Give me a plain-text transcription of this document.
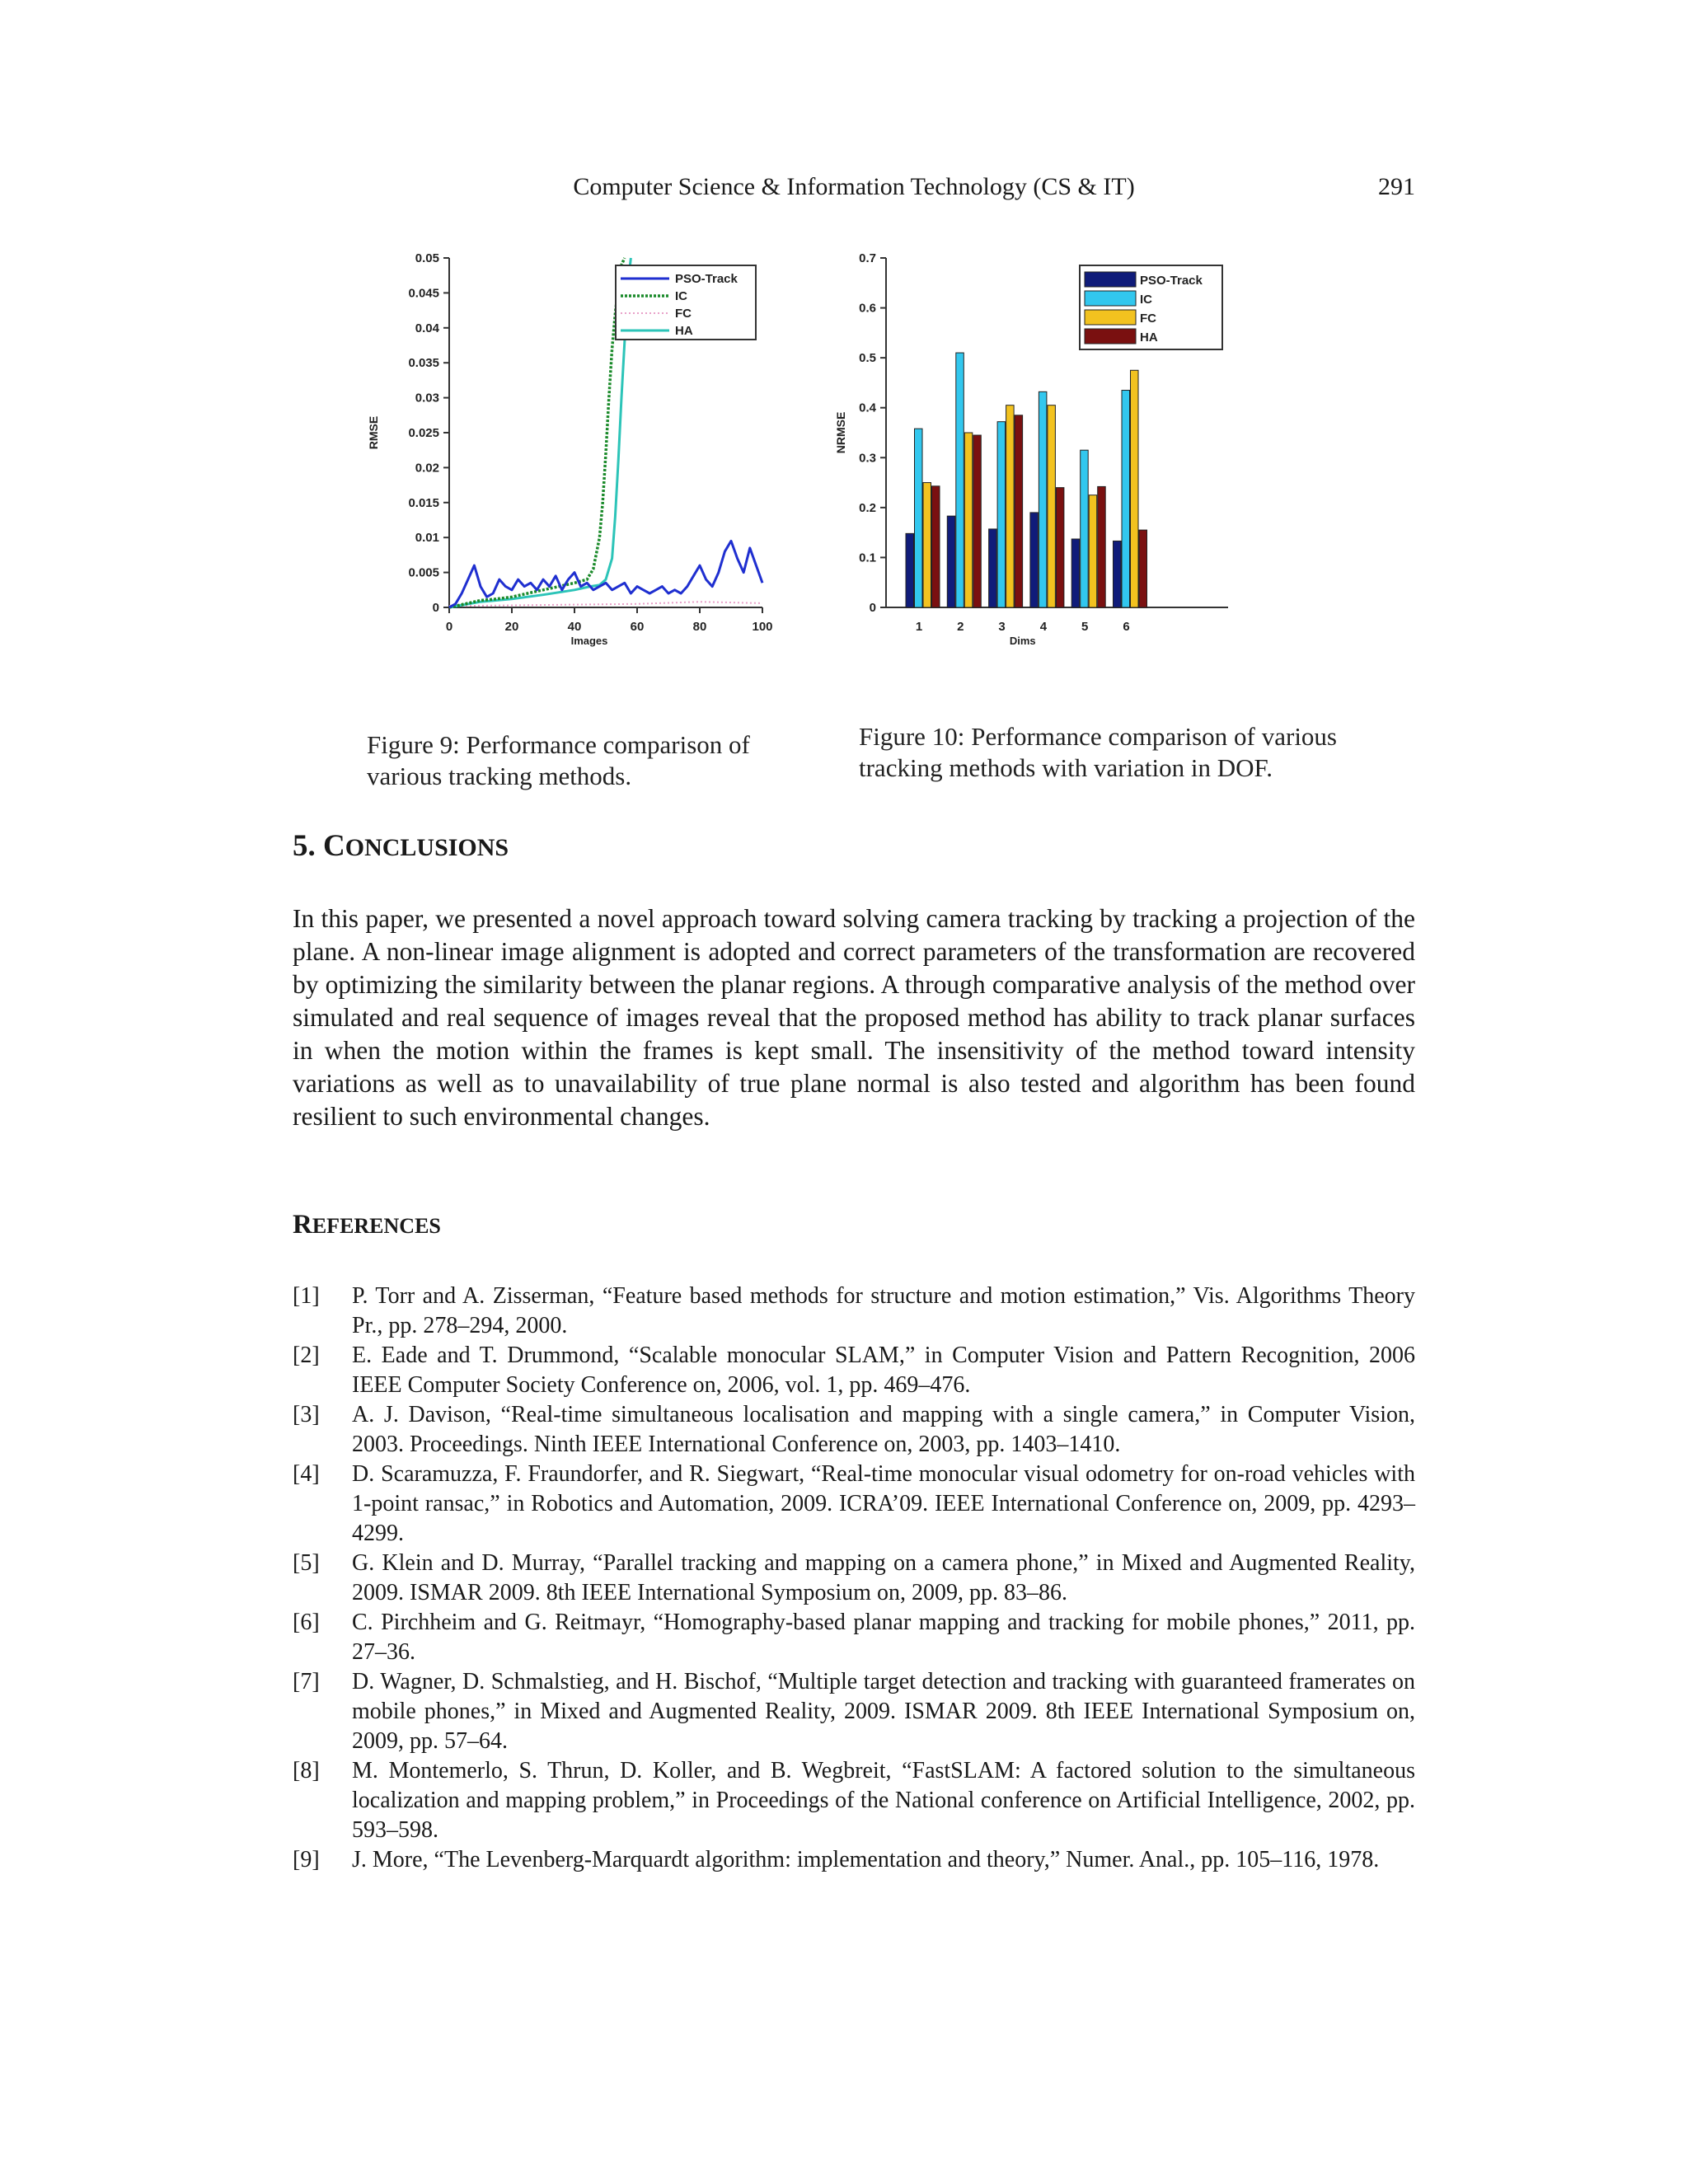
Computer Science & Information Technology (CS & IT)	291
0
0.005
0.01
0.015
0.02
0.025
0.03
0.035
0.04
0.045
0.05
0	20	40	60	80	100
Images
RMSE
PSO-Track
IC
FC
HA
0
0.1
0.2
0.3
0.4
0.5
0.6
0.7
1	2	3	4	5	6
Dims
NRMSE
PSO-Track
IC
FC
HA
Figure 9: Performance comparison of various tracking methods.
Figure 10: Performance comparison of various tracking methods with variation in DOF.
5. CONCLUSIONS
In this paper, we presented a novel approach toward solving camera tracking by tracking a projection of the plane. A non-linear image alignment is adopted and correct parameters of the transformation are recovered by optimizing the similarity between the planar regions. A through comparative analysis of the method over simulated and real sequence of images reveal that the proposed method has ability to track planar surfaces in when the motion within the frames is kept small. The insensitivity of the method toward intensity variations as well as to unavailability of true plane normal is also tested and algorithm has been found resilient to such environmental changes.
REFERENCES
[1]	P. Torr and A. Zisserman, “Feature based methods for structure and motion estimation,” Vis. Algorithms Theory Pr., pp. 278–294, 2000.
[2]	E. Eade and T. Drummond, “Scalable monocular SLAM,” in Computer Vision and Pattern Recognition, 2006 IEEE Computer Society Conference on, 2006, vol. 1, pp. 469–476.
[3]	A. J. Davison, “Real-time simultaneous localisation and mapping with a single camera,” in Computer Vision, 2003. Proceedings. Ninth IEEE International Conference on, 2003, pp. 1403–1410.
[4]	D. Scaramuzza, F. Fraundorfer, and R. Siegwart, “Real-time monocular visual odometry for on-road vehicles with 1-point ransac,” in Robotics and Automation, 2009. ICRA’09. IEEE International Conference on, 2009, pp. 4293–4299.
[5]	G. Klein and D. Murray, “Parallel tracking and mapping on a camera phone,” in Mixed and Augmented Reality, 2009. ISMAR 2009. 8th IEEE International Symposium on, 2009, pp. 83–86.
[6]	C. Pirchheim and G. Reitmayr, “Homography-based planar mapping and tracking for mobile phones,” 2011, pp. 27–36.
[7]	D. Wagner, D. Schmalstieg, and H. Bischof, “Multiple target detection and tracking with guaranteed framerates on mobile phones,” in Mixed and Augmented Reality, 2009. ISMAR 2009. 8th IEEE International Symposium on, 2009, pp. 57–64.
[8]	M. Montemerlo, S. Thrun, D. Koller, and B. Wegbreit, “FastSLAM: A factored solution to the simultaneous localization and mapping problem,” in Proceedings of the National conference on Artificial Intelligence, 2002, pp. 593–598.
[9]	J. More, “The Levenberg-Marquardt algorithm: implementation and theory,” Numer. Anal., pp. 105–116, 1978.
